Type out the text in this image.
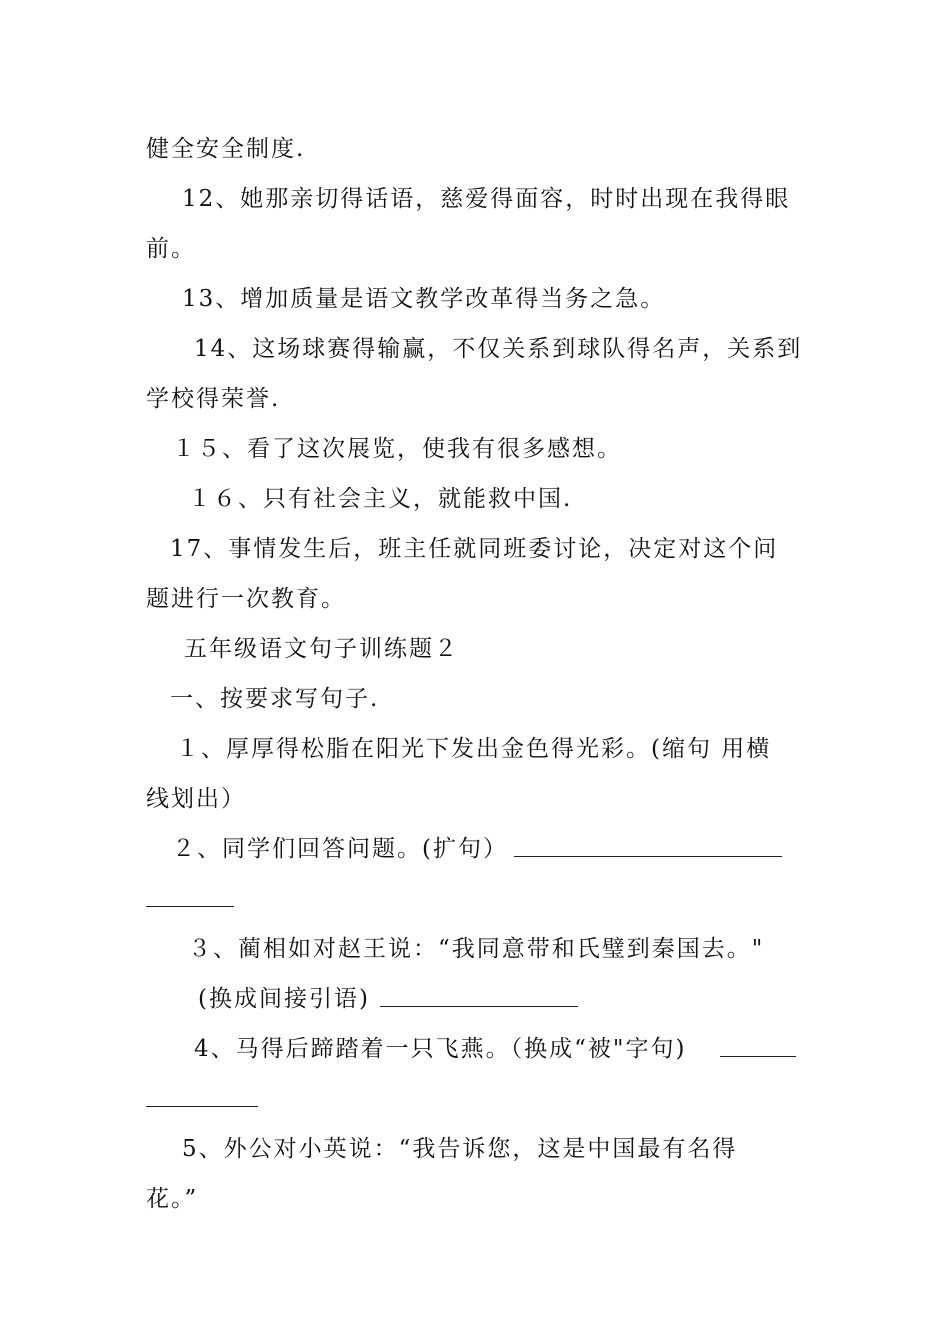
健全安全制度.
12、她那亲切得话语，慈爱得面容，时时出现在我得眼
前。
13、增加质量是语文教学改革得当务之急。
14、这场球赛得输赢，不仅关系到球队得名声，关系到
学校得荣誉.
１５、看了这次展览，使我有很多感想。
１６、只有社会主义，就能救中国.
17、事情发生后，班主任就同班委讨论，决定对这个问
题进行一次教育。
五年级语文句子训练题２
一、按要求写句子.
１、厚厚得松脂在阳光下发出金色得光彩。(缩句 用横
线划出）
２、同学们回答问题。(扩句）
３、蔺相如对赵王说：“我同意带和氏璧到秦国去。"
(换成间接引语)
4、马得后蹄踏着一只飞燕。（换成“被"字句)
5、外公对小英说：“我告诉您，这是中国最有名得
花。”
